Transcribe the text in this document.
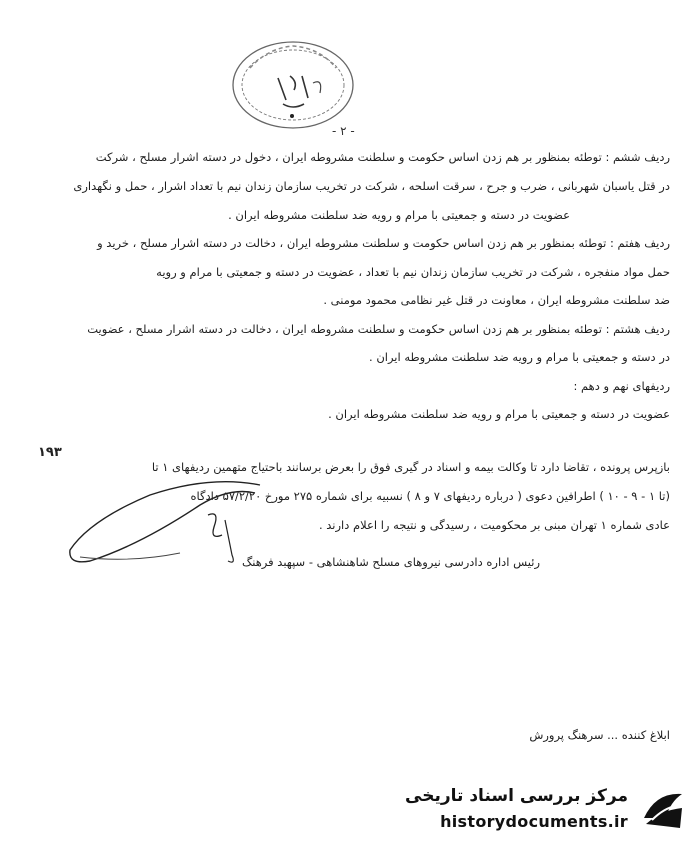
- ۲ -
ردیف ششم : توطئه بمنظور بر هم زدن اساس حکومت و سلطنت مشروطه ایران ، دخول در دسته اشرار مسلح ، شرکت
در قتل یاسبان شهربانی ، ضرب و جرح ، سرقت اسلحه ، شرکت در تخریب سازمان زندان نیم با تعداد اشرار ، حمل و نگهداری
عضویت در دسته و جمعیتی با مرام و رویه ضد سلطنت مشروطه ایران .
ردیف هفتم : توطئه بمنظور بر هم زدن اساس حکومت و سلطنت مشروطه ایران ، دخالت در دسته اشرار مسلح ، خرید و
حمل مواد منفجره ، شرکت در تخریب سازمان زندان نیم با تعداد ، عضویت در دسته و جمعیتی با مرام و رویه
ضد سلطنت مشروطه ایران ، معاونت در قتل غیر نظامی محمود مومنی .
ردیف هشتم : توطئه بمنظور بر هم زدن اساس حکومت و سلطنت مشروطه ایران ، دخالت در دسته اشرار مسلح ، عضویت
در دسته و جمعیتی با مرام و رویه ضد سلطنت مشروطه ایران .
ردیفهای نهم و دهم :
عضویت در دسته و جمعیتی با مرام و رویه ضد سلطنت مشروطه ایران .
۱۹۳
بازپرس پرونده ، تقاضا دارد تا وکالت بیمه و اسناد در گیری فوق را بعرض برسانند باحتیاج متهمین ردیفهای ۱ تا
(تا ۱ - ۹ - ۱۰ ) اطرافین دعوی ( درباره ردیفهای ۷ و ۸ ) نسبیه برای شماره ۲۷۵ مورخ ۵۷/۲/۲۰ دادگاه
عادی شماره ۱ تهران مبنی بر محکومیت ، رسیدگی و نتیجه را اعلام دارند .
رئیس اداره دادرسی نیروهای مسلح شاهنشاهی - سپهبد فرهنگ
ابلاغ کننده ... سرهنگ پرورش
مرکز بررسی اسناد تاریخی
historydocuments.ir
